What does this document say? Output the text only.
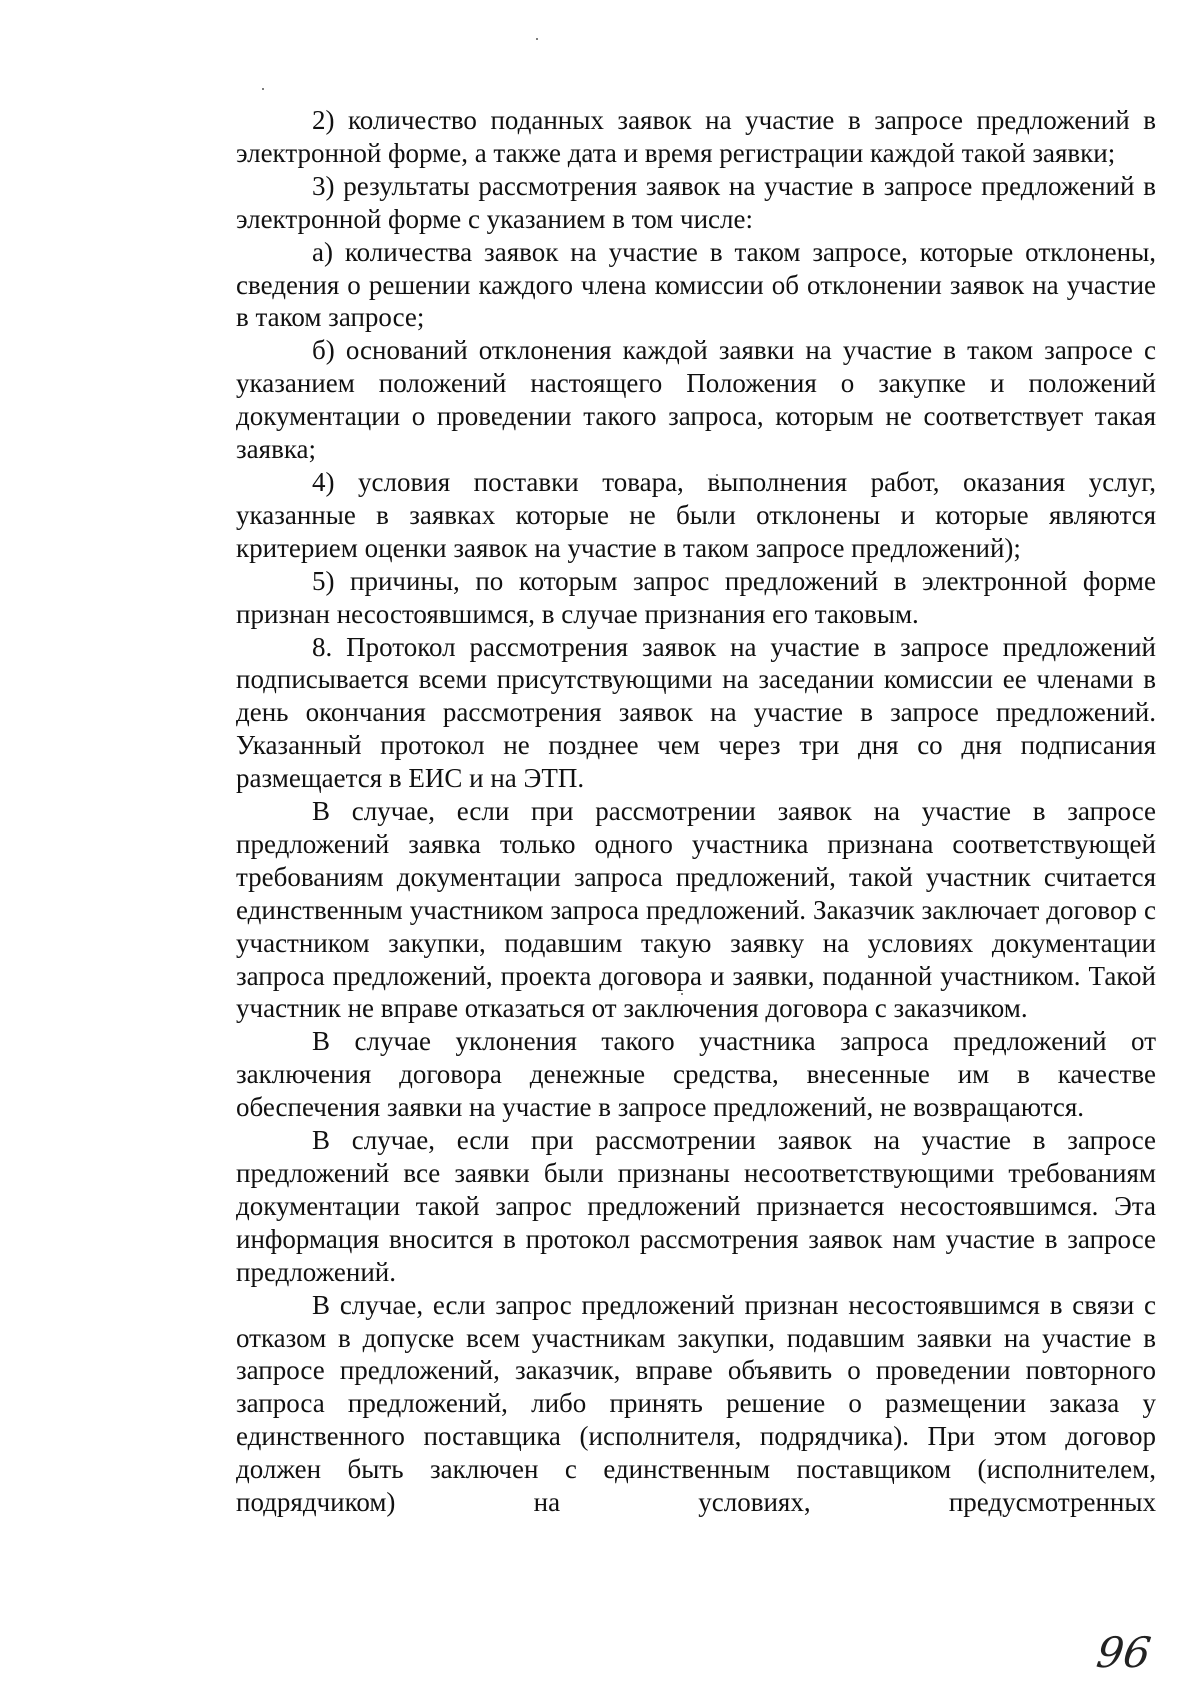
2) количество поданных заявок на участие в запросе предложений в электронной форме, а также дата и время регистрации каждой такой заявки;

3) результаты рассмотрения заявок на участие в запросе предложений в электронной форме с указанием в том числе:

а) количества заявок на участие в таком запросе, которые отклонены, сведения о решении каждого члена комиссии об отклонении заявок на участие в таком запросе;

б) оснований отклонения каждой заявки на участие в таком запросе с указанием положений настоящего Положения о закупке и положений документации о проведении такого запроса, которым не соответствует такая заявка;

4) условия поставки товара, выполнения работ, оказания услуг, указанные в заявках которые не были отклонены и которые являются критерием оценки заявок на участие в таком запросе предложений);

5) причины, по которым запрос предложений в электронной форме признан несостоявшимся, в случае признания его таковым.

8. Протокол рассмотрения заявок на участие в запросе предложений подписывается всеми присутствующими на заседании комиссии ее членами в день окончания рассмотрения заявок на участие в запросе предложений. Указанный протокол не позднее чем через три дня со дня подписания размещается в ЕИС и на ЭТП.

В случае, если при рассмотрении заявок на участие в запросе предложений заявка только одного участника признана соответствующей требованиям документации запроса предложений, такой участник считается единственным участником запроса предложений. Заказчик заключает договор с участником закупки, подавшим такую заявку на условиях документации запроса предложений, проекта договора и заявки, поданной участником. Такой участник не вправе отказаться от заключения договора с заказчиком.

В случае уклонения такого участника запроса предложений от заключения договора денежные средства, внесенные им в качестве обеспечения заявки на участие в запросе предложений, не возвращаются.

В случае, если при рассмотрении заявок на участие в запросе предложений все заявки были признаны несоответствующими требованиям документации такой запрос предложений признается несостоявшимся. Эта информация вносится в протокол рассмотрения заявок нам участие в запросе предложений.

В случае, если запрос предложений признан несостоявшимся в связи с отказом в допуске всем участникам закупки, подавшим заявки на участие в запросе предложений, заказчик, вправе объявить о проведении повторного запроса предложений, либо принять решение о размещении заказа у единственного поставщика (исполнителя, подрядчика). При этом договор должен быть заключен с единственным поставщиком (исполнителем, подрядчиком) на условиях, предусмотренных

96
